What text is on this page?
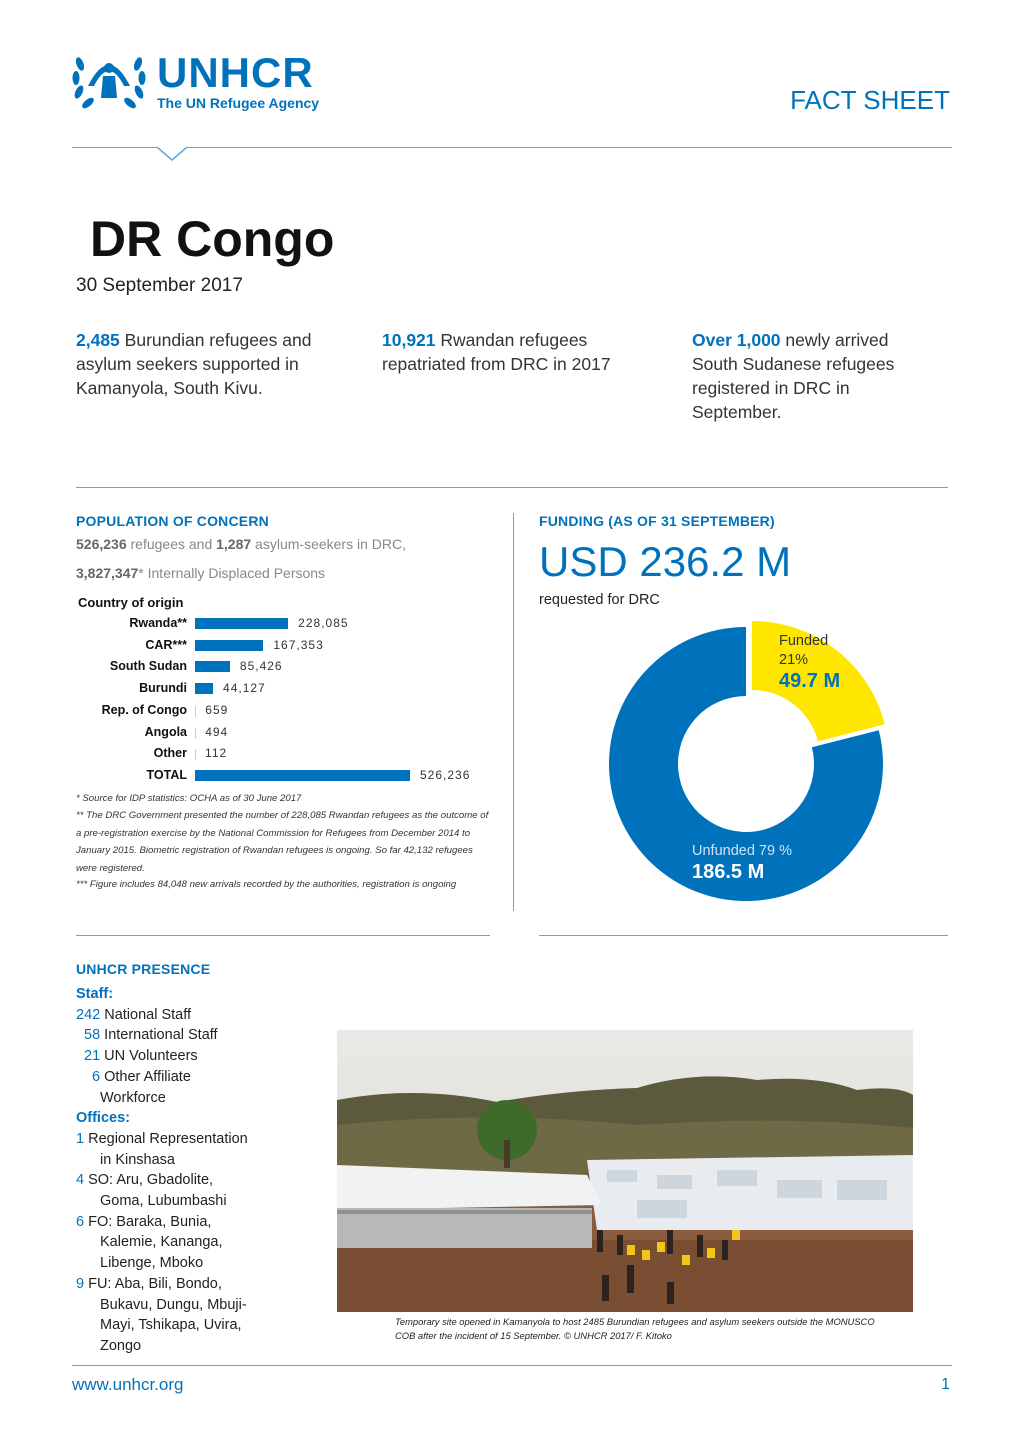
UNHCR
The UN Refugee Agency	FACT SHEET
DR Congo
30 September 2017
2,485 Burundian refugees and asylum seekers supported in Kamanyola, South Kivu.
10,921 Rwandan refugees repatriated from DRC in 2017
Over 1,000 newly arrived South Sudanese refugees registered in DRC in September.
POPULATION OF CONCERN
526,236 refugees and 1,287 asylum-seekers in DRC,
3,827,347* Internally Displaced Persons
Country of origin
Rwanda**	228,085
CAR***	167,353
South Sudan	85,426
Burundi	44,127
Rep. of Congo 659
Angola 494
Other 112
TOTAL	526,236
* Source for IDP statistics: OCHA as of 30 June 2017
** The DRC Government presented the number of 228,085 Rwandan refugees as the outcome of a pre-registration exercise by the National Commission for Refugees from December 2014 to January 2015. Biometric registration of Rwandan refugees is ongoing. So far 42,132 refugees were registered.
*** Figure includes 84,048 new arrivals recorded by the authorities, registration is ongoing
FUNDING (AS OF 31 SEPTEMBER)
USD 236.2 M
requested for DRC
Funded
21%
49.7 M
Unfunded 79 %
186.5 M
UNHCR PRESENCE
Staff:
242 National Staff
58 International Staff
21 UN Volunteers
6 Other Affiliate
Workforce
Offices:
1 Regional Representation
in Kinshasa
4 SO: Aru, Gbadolite,
Goma, Lubumbashi
6 FO: Baraka, Bunia,
Kalemie, Kananga,
Libenge, Mboko
9 FU: Aba, Bili, Bondo,
Bukavu, Dungu, Mbuji-
Mayi, Tshikapa, Uvira,
Zongo
Temporary site opened in Kamanyola to host 2485 Burundian refugees and asylum seekers outside the MONUSCO COB after the incident of 15 September. © UNHCR 2017/ F. Kitoko
www.unhcr.org	1
